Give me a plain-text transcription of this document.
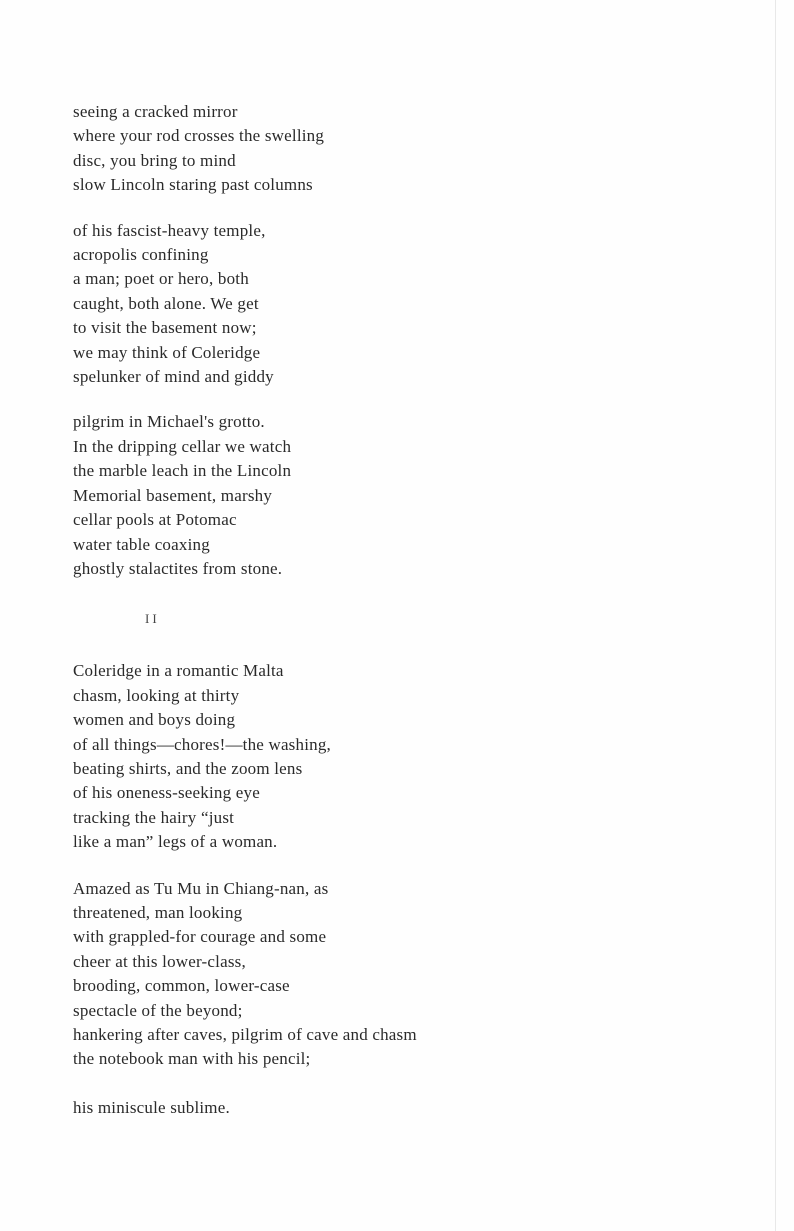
seeing a cracked mirror
where your rod crosses the swelling
disc, you bring to mind
slow Lincoln staring past columns
of his fascist-heavy temple,
acropolis confining
a man; poet or hero, both
caught, both alone. We get
to visit the basement now;
we may think of Coleridge
spelunker of mind and giddy
pilgrim in Michael's grotto.
In the dripping cellar we watch
the marble leach in the Lincoln
Memorial basement, marshy
cellar pools at Potomac
water table coaxing
ghostly stalactites from stone.
II
Coleridge in a romantic Malta
chasm, looking at thirty
women and boys doing
of all things—chores!—the washing,
beating shirts, and the zoom lens
of his oneness-seeking eye
tracking the hairy “just
like a man” legs of a woman.
Amazed as Tu Mu in Chiang-nan, as
threatened, man looking
with grappled-for courage and some
cheer at this lower-class,
brooding, common, lower-case
spectacle of the beyond;
hankering after caves, pilgrim of cave and chasm
the notebook man with his pencil;
his miniscule sublime.
